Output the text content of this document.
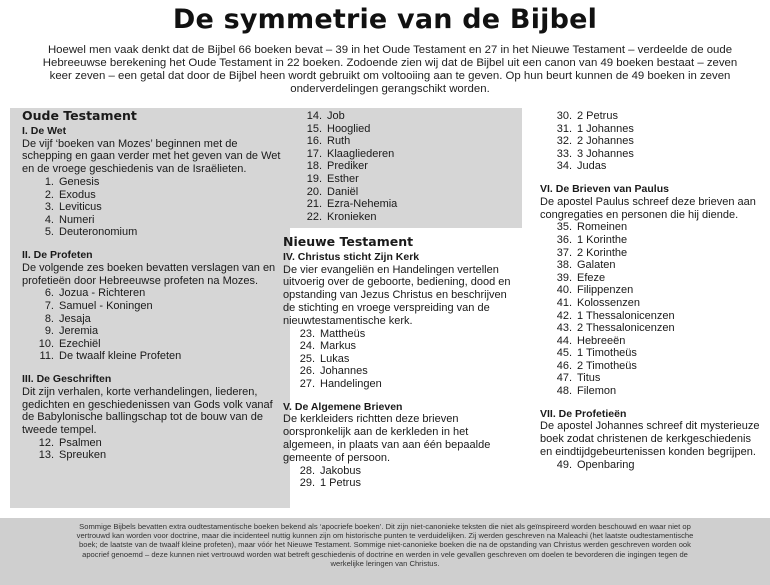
De symmetrie van de Bijbel
Hoewel men vaak denkt dat de Bijbel 66 boeken bevat – 39 in het Oude Testament en 27 in het Nieuwe Testament – verdeelde de oude Hebreeuwse berekening het Oude Testament in 22 boeken. Zodoende zien wij dat de Bijbel uit een canon van 49 boeken bestaat – zeven keer zeven – een getal dat door de Bijbel heen wordt gebruikt om voltooiing aan te geven. Op hun beurt kunnen de 49 boeken in zeven onderverdelingen gerangschikt worden.
Oude Testament
I. De Wet

De vijf ‘boeken van Mozes’ beginnen met de schepping en gaan verder met het geven van de Wet en de vroege geschiedenis van de Israëlieten.

1. Genesis
2. Exodus
3. Leviticus
4. Numeri
5. Deuteronomium
II. De Profeten

De volgende zes boeken bevatten verslagen van en profetieën door Hebreeuwse profeten na Mozes.

6. Jozua - Richteren
7. Samuel - Koningen
8. Jesaja
9. Jeremia
10. Ezechiël
11. De twaalf kleine Profeten
III. De Geschriften

Dit zijn verhalen, korte verhandelingen, liederen, gedichten en geschiedenissen van Gods volk vanaf de Babylonische ballingschap tot de bouw van de tweede tempel.

12. Psalmen
13. Spreuken
14. Job
15. Hooglied
16. Ruth
17. Klaagliederen
18. Prediker
19. Esther
20. Daniël
21. Ezra-Nehemia
22. Kronieken
Nieuwe Testament
IV. Christus sticht Zijn Kerk

De vier evangeliën en Handelingen vertellen uitvoerig over de geboorte, bediening, dood en opstanding van Jezus Christus en beschrijven de stichting en vroege verspreiding van de nieuwtestamentische kerk.

23. Mattheüs
24. Markus
25. Lukas
26. Johannes
27. Handelingen
V. De Algemene Brieven

De kerkleiders richtten deze brieven oorspronkelijk aan de kerkleden in het algemeen, in plaats van aan één bepaalde gemeente of persoon.

28. Jakobus
29. 1 Petrus
30. 2 Petrus
31. 1 Johannes
32. 2 Johannes
33. 3 Johannes
34. Judas
VI. De Brieven van Paulus

De apostel Paulus schreef deze brieven aan congregaties en personen die hij diende.

35. Romeinen
36. 1 Korinthe
37. 2 Korinthe
38. Galaten
39. Efeze
40. Filippenzen
41. Kolossenzen
42. 1 Thessalonicenzen
43. 2 Thessalonicenzen
44. Hebreeën
45. 1 Timotheüs
46. 2 Timotheüs
47. Titus
48. Filemon
VII. De Profetieën

De apostel Johannes schreef dit mysterieuze boek zodat christenen de kerkgeschiedenis en eindtijdgebeurtenissen konden begrijpen.

49. Openbaring

Sommige Bijbels bevatten extra oudtestamentische boeken bekend als ‘apocriefe boeken’. Dit zijn niet-canonieke teksten die niet als geïnspireerd worden beschouwd en waar niet op vertrouwd kan worden voor doctrine, maar die incidenteel nuttig kunnen zijn om historische punten te verduidelijken. Zij werden geschreven na Maleachi (het laatste oudtestamentische boek; de laatste van de twaalf kleine profeten), maar vóór het Nieuwe Testament. Sommige niet-canonieke boeken die na de opstanding van Christus werden geschreven worden ook apocrief genoemd – deze kunnen niet vertrouwd worden wat betreft geschiedenis of doctrine en werden in vele gevallen geschreven om doelen te bevorderen die ingingen tegen de werkelijke leringen van Christus.
